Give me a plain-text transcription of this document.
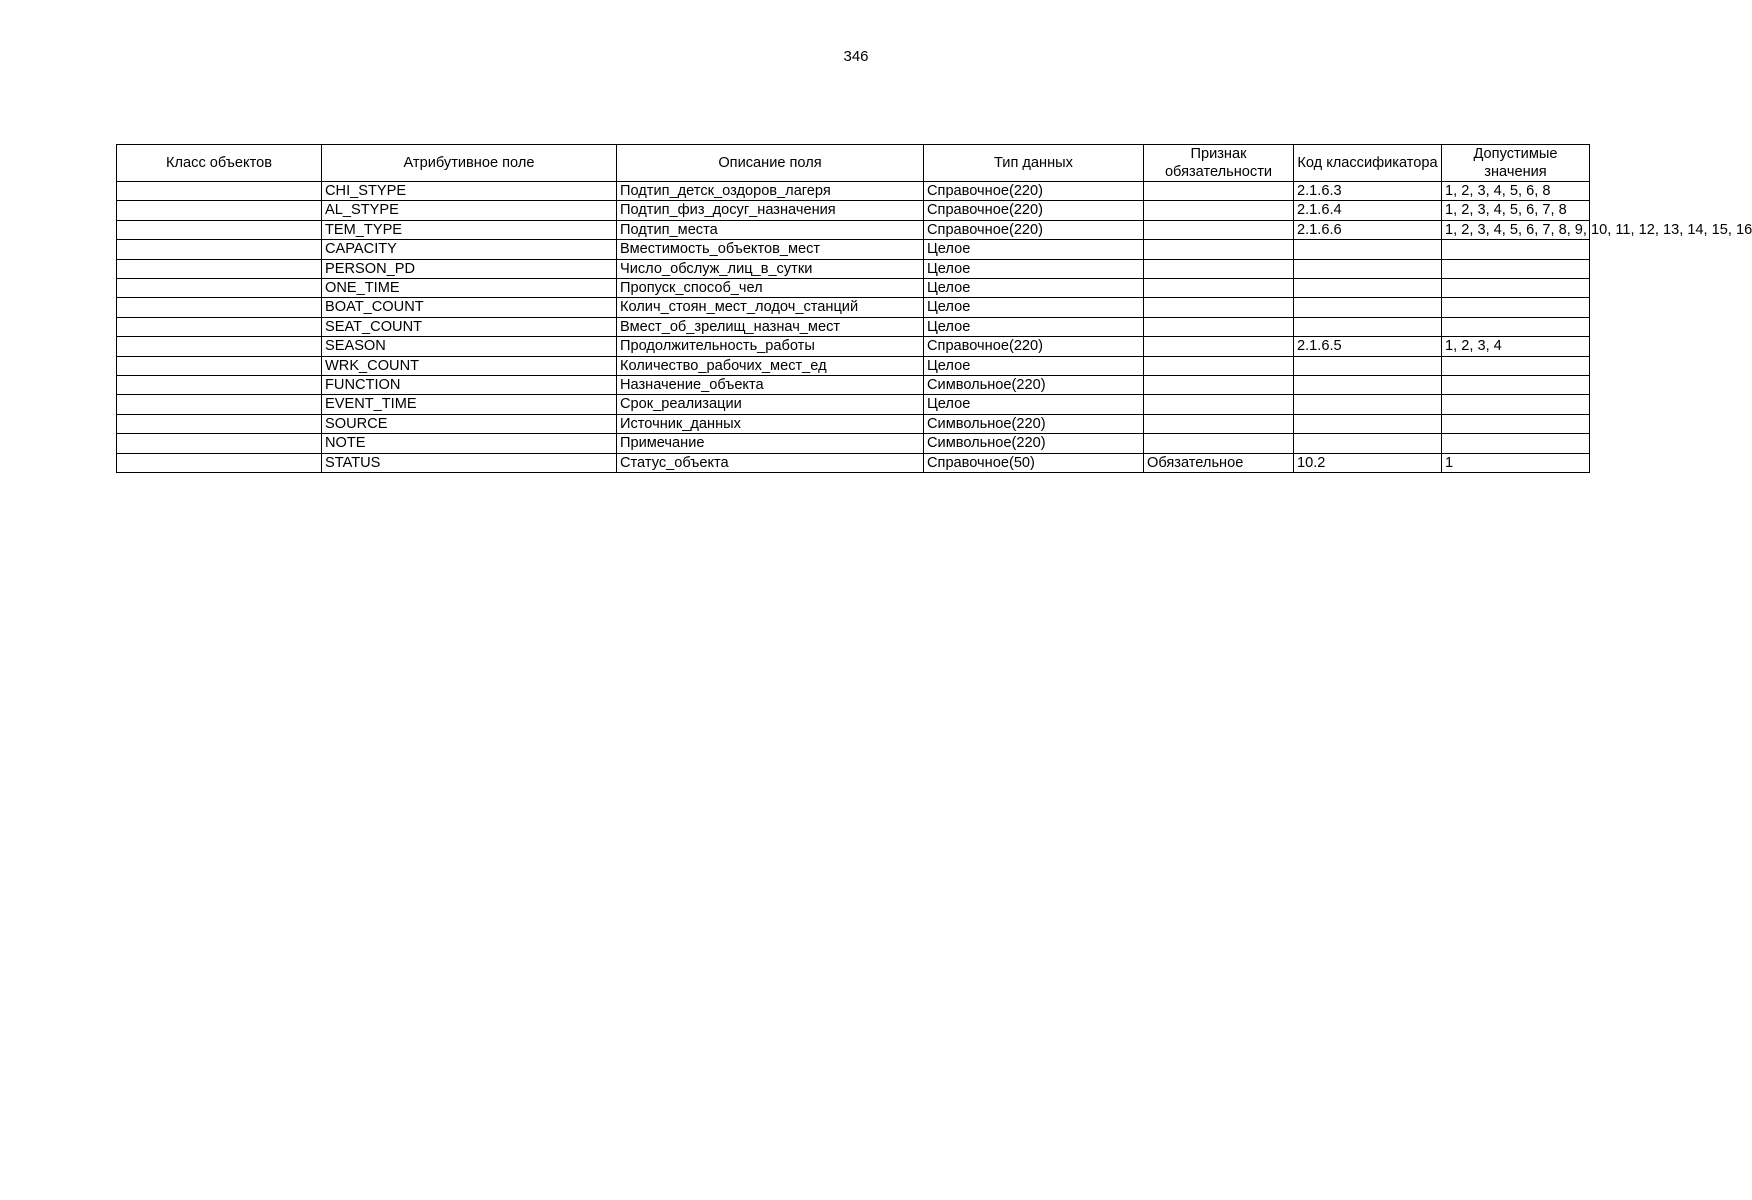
346
Класс объектов	Атрибутивное поле	Описание поля	Тип данных	Признак обязательности	Код классификатора	Допустимые значения
	CHI_STYPE	Подтип_детск_оздоров_лагеря	Справочное(220)		2.1.6.3	1, 2, 3, 4, 5, 6, 8
	AL_STYPE	Подтип_физ_досуг_назначения	Справочное(220)		2.1.6.4	1, 2, 3, 4, 5, 6, 7, 8
	TEM_TYPE	Подтип_места	Справочное(220)		2.1.6.6	1, 2, 3, 4, 5, 6, 7, 8, 9, 10, 11, 12, 13, 14, 15, 16
	CAPACITY	Вместимость_объектов_мест	Целое			
	PERSON_PD	Число_обслуж_лиц_в_сутки	Целое			
	ONE_TIME	Пропуск_способ_чел	Целое			
	BOAT_COUNT	Колич_стоян_мест_лодоч_станций	Целое			
	SEAT_COUNT	Вмест_об_зрелищ_назнач_мест	Целое			
	SEASON	Продолжительность_работы	Справочное(220)		2.1.6.5	1, 2, 3, 4
	WRK_COUNT	Количество_рабочих_мест_ед	Целое			
	FUNCTION	Назначение_объекта	Символьное(220)			
	EVENT_TIME	Срок_реализации	Целое			
	SOURCE	Источник_данных	Символьное(220)			
	NOTE	Примечание	Символьное(220)			
	STATUS	Статус_объекта	Справочное(50)	Обязательное	10.2	1
